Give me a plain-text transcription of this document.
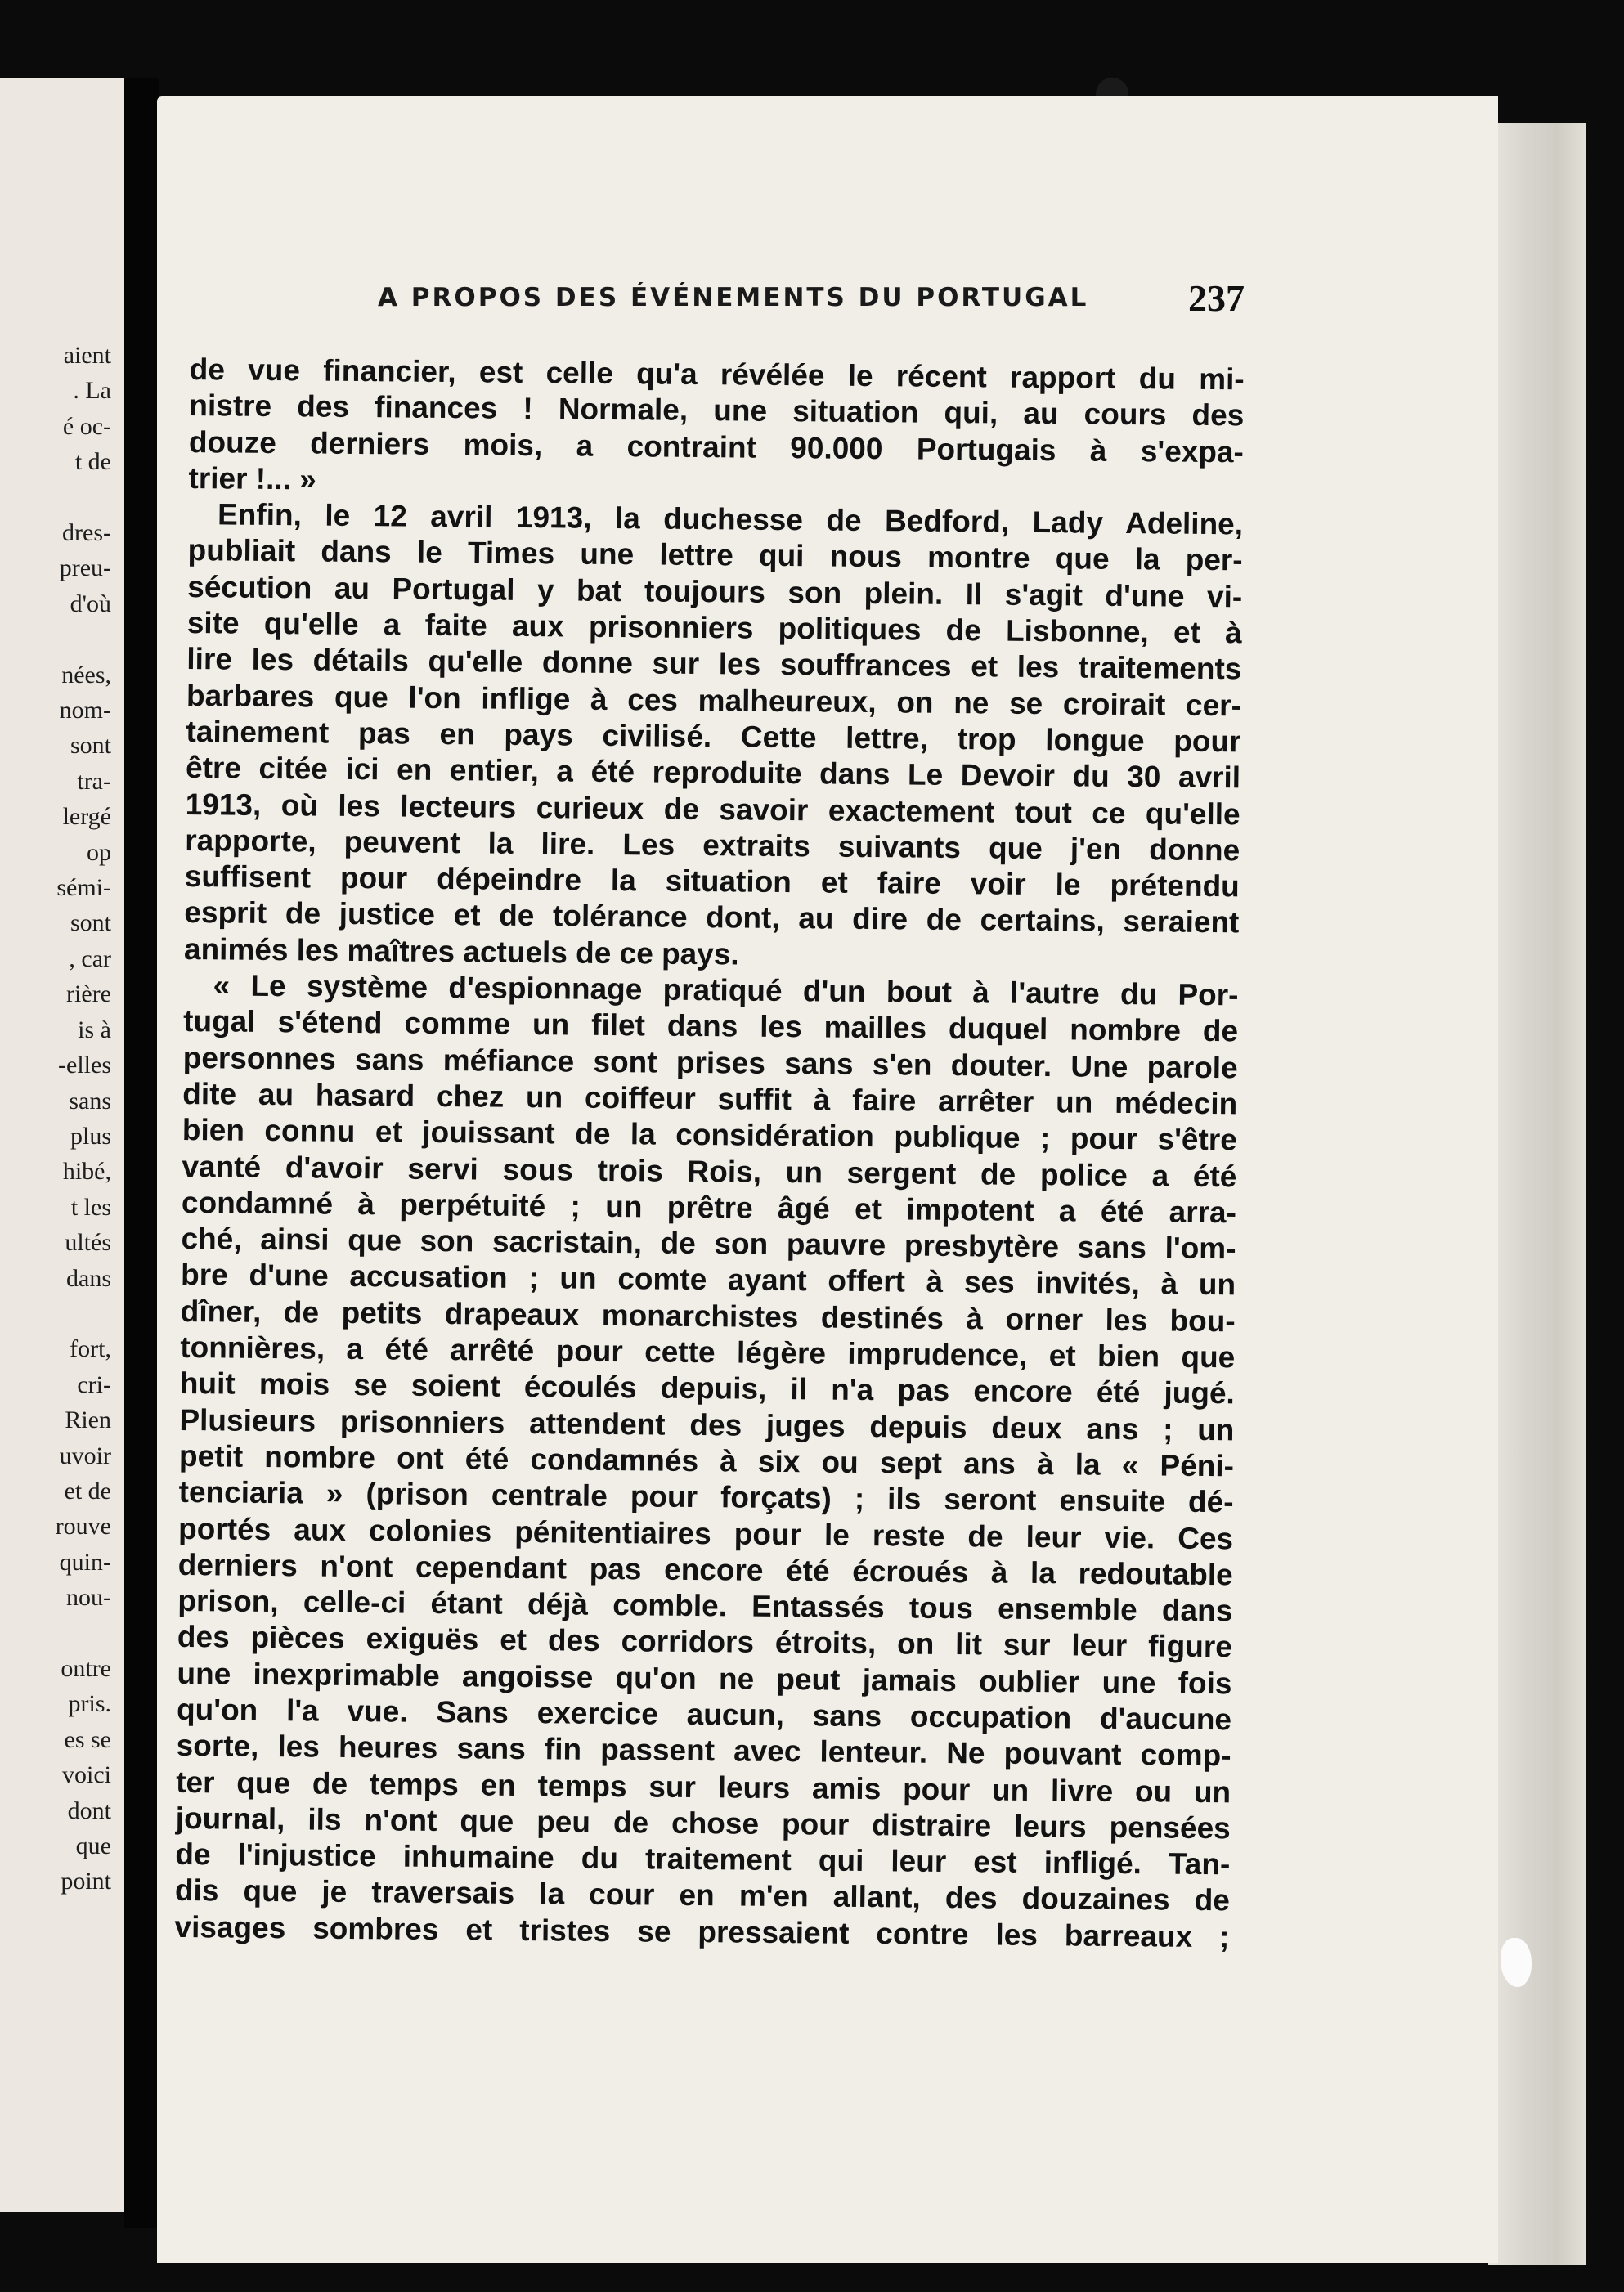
aient
. La
é oc-
t de
dres-
preu-
d'où
nées,
nom-
sont
tra-
lergé
op
sémi-
sont
, car
rière
is à
-elles
sans
plus
hibé,
t les
ultés
dans
fort,
cri-
Rien
uvoir
et de
rouve
quin-
nou-
ontre
pris.
es se
voici
dont
que
point
A PROPOS DES ÉVÉNEMENTS DU PORTUGAL	237
de vue financier, est celle qu'a révélée le récent rapport du mi-
nistre des finances ! Normale, une situation qui, au cours des
douze derniers mois, a contraint 90.000 Portugais à s'expa-
trier !... »
Enfin, le 12 avril 1913, la duchesse de Bedford, Lady Adeline,
publiait dans le Times une lettre qui nous montre que la per-
sécution au Portugal y bat toujours son plein. Il s'agit d'une vi-
site qu'elle a faite aux prisonniers politiques de Lisbonne, et à
lire les détails qu'elle donne sur les souffrances et les traitements
barbares que l'on inflige à ces malheureux, on ne se croirait cer-
tainement pas en pays civilisé. Cette lettre, trop longue pour
être citée ici en entier, a été reproduite dans Le Devoir du 30 avril
1913, où les lecteurs curieux de savoir exactement tout ce qu'elle
rapporte, peuvent la lire. Les extraits suivants que j'en donne
suffisent pour dépeindre la situation et faire voir le prétendu
esprit de justice et de tolérance dont, au dire de certains, seraient
animés les maîtres actuels de ce pays.
« Le système d'espionnage pratiqué d'un bout à l'autre du Por-
tugal s'étend comme un filet dans les mailles duquel nombre de
personnes sans méfiance sont prises sans s'en douter. Une parole
dite au hasard chez un coiffeur suffit à faire arrêter un médecin
bien connu et jouissant de la considération publique ; pour s'être
vanté d'avoir servi sous trois Rois, un sergent de police a été
condamné à perpétuité ; un prêtre âgé et impotent a été arra-
ché, ainsi que son sacristain, de son pauvre presbytère sans l'om-
bre d'une accusation ; un comte ayant offert à ses invités, à un
dîner, de petits drapeaux monarchistes destinés à orner les bou-
tonnières, a été arrêté pour cette légère imprudence, et bien que
huit mois se soient écoulés depuis, il n'a pas encore été jugé.
Plusieurs prisonniers attendent des juges depuis deux ans ; un
petit nombre ont été condamnés à six ou sept ans à la « Péni-
tenciaria » (prison centrale pour forçats) ; ils seront ensuite dé-
portés aux colonies pénitentiaires pour le reste de leur vie. Ces
derniers n'ont cependant pas encore été écroués à la redoutable
prison, celle-ci étant déjà comble. Entassés tous ensemble dans
des pièces exiguës et des corridors étroits, on lit sur leur figure
une inexprimable angoisse qu'on ne peut jamais oublier une fois
qu'on l'a vue. Sans exercice aucun, sans occupation d'aucune
sorte, les heures sans fin passent avec lenteur. Ne pouvant comp-
ter que de temps en temps sur leurs amis pour un livre ou un
journal, ils n'ont que peu de chose pour distraire leurs pensées
de l'injustice inhumaine du traitement qui leur est infligé. Tan-
dis que je traversais la cour en m'en allant, des douzaines de
visages sombres et tristes se pressaient contre les barreaux ;
